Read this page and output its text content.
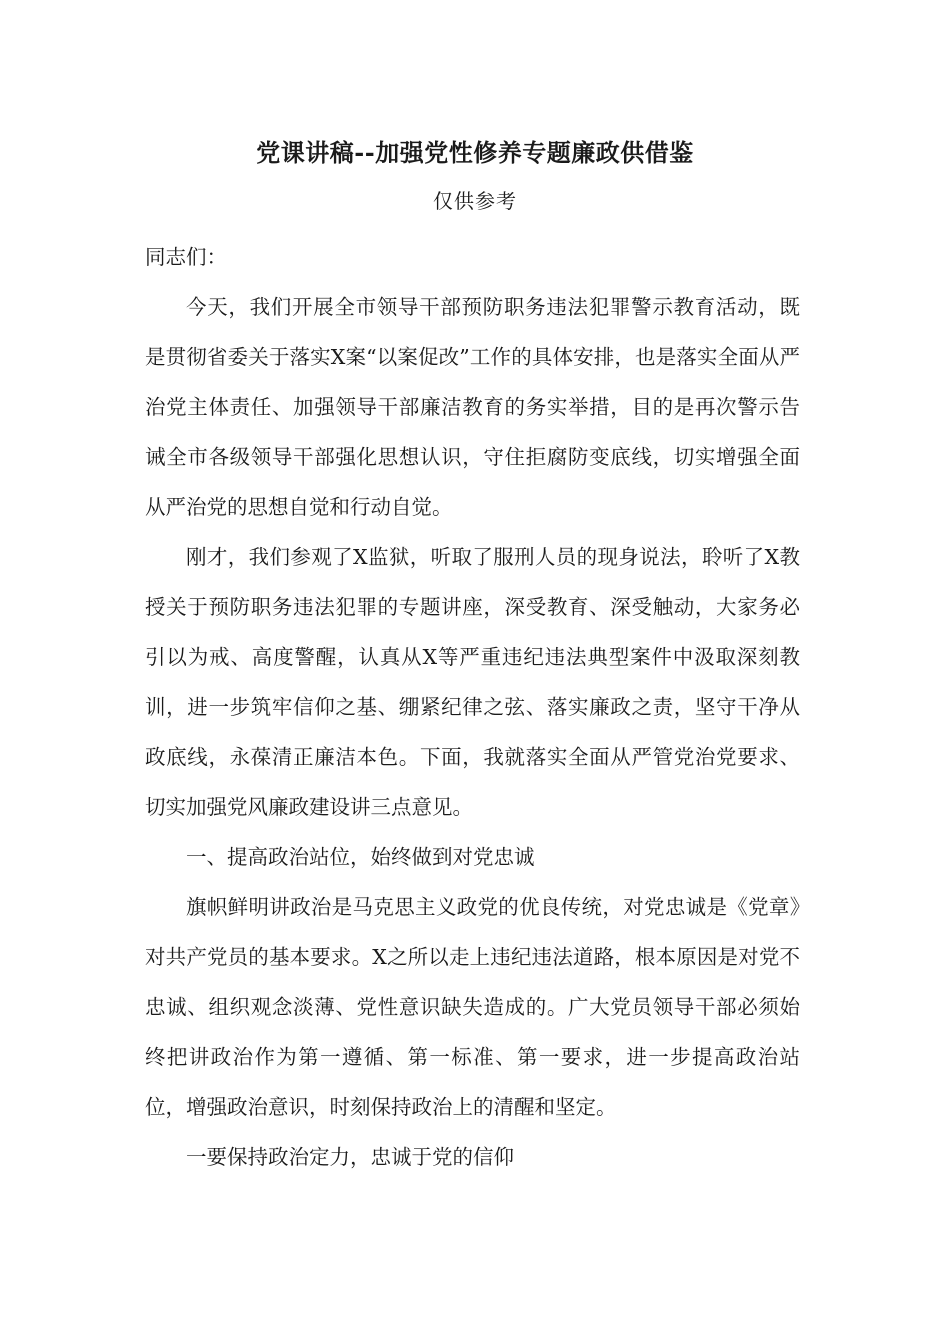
党课讲稿--加强党性修养专题廉政供借鉴
仅供参考

同志们：

今天，我们开展全市领导干部预防职务违法犯罪警示教育活动，既是贯彻省委关于落实X案“以案促改”工作的具体安排，也是落实全面从严治党主体责任、加强领导干部廉洁教育的务实举措，目的是再次警示告诫全市各级领导干部强化思想认识，守住拒腐防变底线，切实增强全面从严治党的思想自觉和行动自觉。

刚才，我们参观了X监狱，听取了服刑人员的现身说法，聆听了X教授关于预防职务违法犯罪的专题讲座，深受教育、深受触动，大家务必引以为戒、高度警醒，认真从X等严重违纪违法典型案件中汲取深刻教训，进一步筑牢信仰之基、绷紧纪律之弦、落实廉政之责，坚守干净从政底线，永葆清正廉洁本色。下面，我就落实全面从严管党治党要求、切实加强党风廉政建设讲三点意见。

一、提高政治站位，始终做到对党忠诚

旗帜鲜明讲政治是马克思主义政党的优良传统，对党忠诚是《党章》对共产党员的基本要求。X之所以走上违纪违法道路，根本原因是对党不忠诚、组织观念淡薄、党性意识缺失造成的。广大党员领导干部必须始终把讲政治作为第一遵循、第一标准、第一要求，进一步提高政治站位，增强政治意识，时刻保持政治上的清醒和坚定。

一要保持政治定力，忠诚于党的信仰
